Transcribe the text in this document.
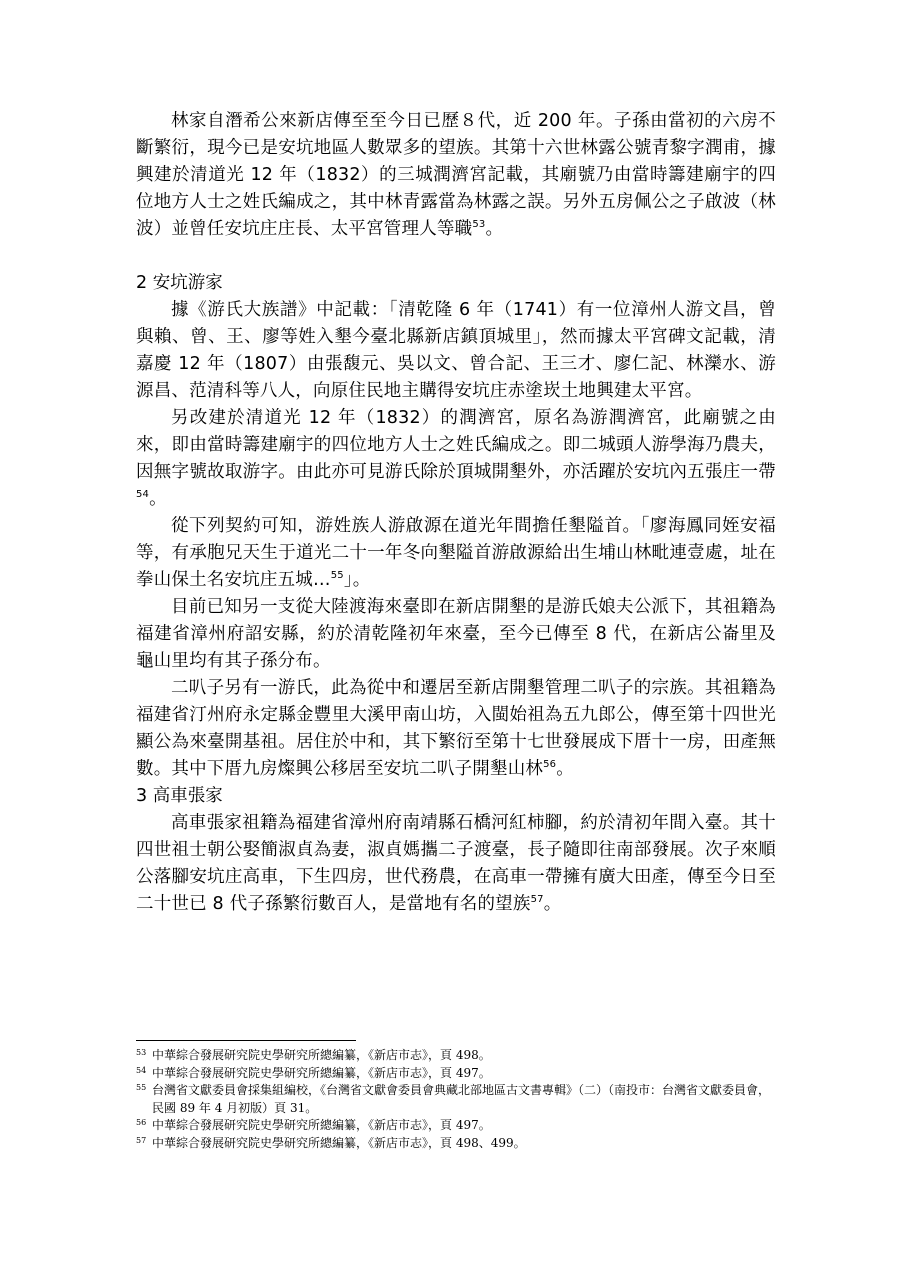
林家自潛希公來新店傳至至今日已歷８代，近 200 年。子孫由當初的六房不斷繁衍，現今已是安坑地區人數眾多的望族。其第十六世林露公號青黎字潤甫，據興建於清道光 12 年（1832）的三城潤濟宮記載，其廟號乃由當時籌建廟宇的四位地方人士之姓氏編成之，其中林青露當為林露之誤。另外五房佩公之子啟波（林波）並曾任安坑庄庄長、太平宮管理人等職$^{53}$。

2 安坑游家

據《游氏大族譜》中記載：「清乾隆 6 年（1741）有一位漳州人游文昌，曾與賴、曾、王、廖等姓入墾今臺北縣新店鎮頂城里」，然而據太平宮碑文記載，清嘉慶 12 年（1807）由張馥元、吳以文、曾合記、王三才、廖仁記、林灤水、游源昌、范清科等八人，向原住民地主購得安坑庄赤塗崁土地興建太平宮。

另改建於清道光 12 年（1832）的潤濟宮，原名為游潤濟宮，此廟號之由來，即由當時籌建廟宇的四位地方人士之姓氏編成之。即二城頭人游學海乃農夫，因無字號故取游字。由此亦可見游氏除於頂城開墾外，亦活躍於安坑內五張庄一帶$^{54}$。

從下列契約可知，游姓族人游啟源在道光年間擔任墾隘首。「廖海鳳同姪安福等，有承胞兄天生于道光二十一年冬向墾隘首游啟源給出生埔山林毗連壹處，址在拳山保土名安坑庄五城…$^{55}$」。

目前已知另一支從大陸渡海來臺即在新店開墾的是游氏娘夫公派下，其祖籍為福建省漳州府詔安縣，約於清乾隆初年來臺，至今已傳至 8 代，在新店公崙里及龜山里均有其子孫分布。

二叭子另有一游氏，此為從中和遷居至新店開墾管理二叭子的宗族。其祖籍為福建省汀州府永定縣金豐里大溪甲南山坊，入閩始祖為五九郎公，傳至第十四世光顯公為來臺開基祖。居住於中和，其下繁衍至第十七世發展成下厝十一房，田產無數。其中下厝九房燦興公移居至安坑二叭子開墾山林$^{56}$。

3 高車張家

高車張家祖籍為福建省漳州府南靖縣石橋河紅柿腳，約於清初年間入臺。其十四世祖士朝公娶簡淑貞為妻，淑貞媽攜二子渡臺，長子隨即往南部發展。次子來順公落腳安坑庄高車，下生四房，世代務農，在高車一帶擁有廣大田產，傳至今日至二十世已 8 代子孫繁衍數百人，是當地有名的望族$^{57}$。

53 中華綜合發展研究院史學研究所總編纂，《新店市志》，頁 498。
54 中華綜合發展研究院史學研究所總編纂，《新店市志》，頁 497。
55 台灣省文獻委員會採集組編校，《台灣省文獻會委員會典藏北部地區古文書專輯》（二）（南投市：台灣省文獻委員會，民國 89 年 4 月初版）頁 31。
56 中華綜合發展研究院史學研究所總編纂，《新店市志》，頁 497。
57 中華綜合發展研究院史學研究所總編纂，《新店市志》，頁 498、499。
